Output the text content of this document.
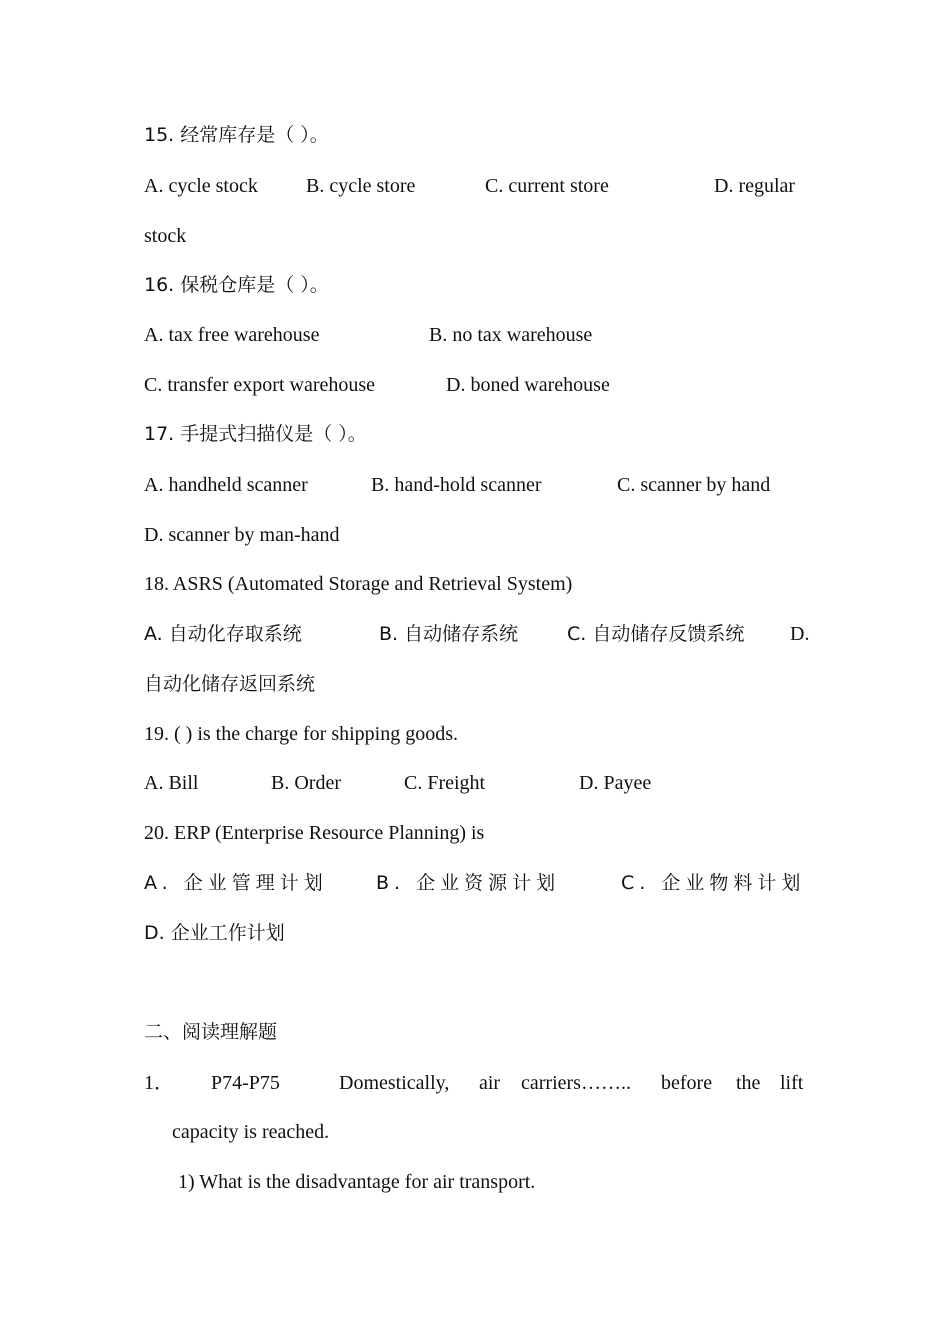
15. 经常库存是（ ）。
A. cycle stock B. cycle store	C. current store	D. regular
stock
16. 保税仓库是（ ）。
A. tax free warehouse	B. no tax warehouse
C. transfer export warehouse	D. boned warehouse
17. 手提式扫描仪是（ ）。
A. handheld scanner	B. hand-hold scanner	C. scanner by hand
D. scanner by man-hand
18. ASRS (Automated Storage and Retrieval System)
A. 自动化存取系统	B. 自动储存系统	C. 自动储存反馈系统 D.
自动化储存返回系统
19. ( ) is the charge for shipping goods.
A. Bill	B. Order	C. Freight	D. Payee
20. ERP (Enterprise Resource Planning) is
A. 企业管理计划	B. 企业资源计划	C. 企业物料计划
D. 企业工作计划
二、阅读理解题
1． P74-P75	Domestically, air carriers…….. before the lift
capacity is reached.
1) What is the disadvantage for air transport.
